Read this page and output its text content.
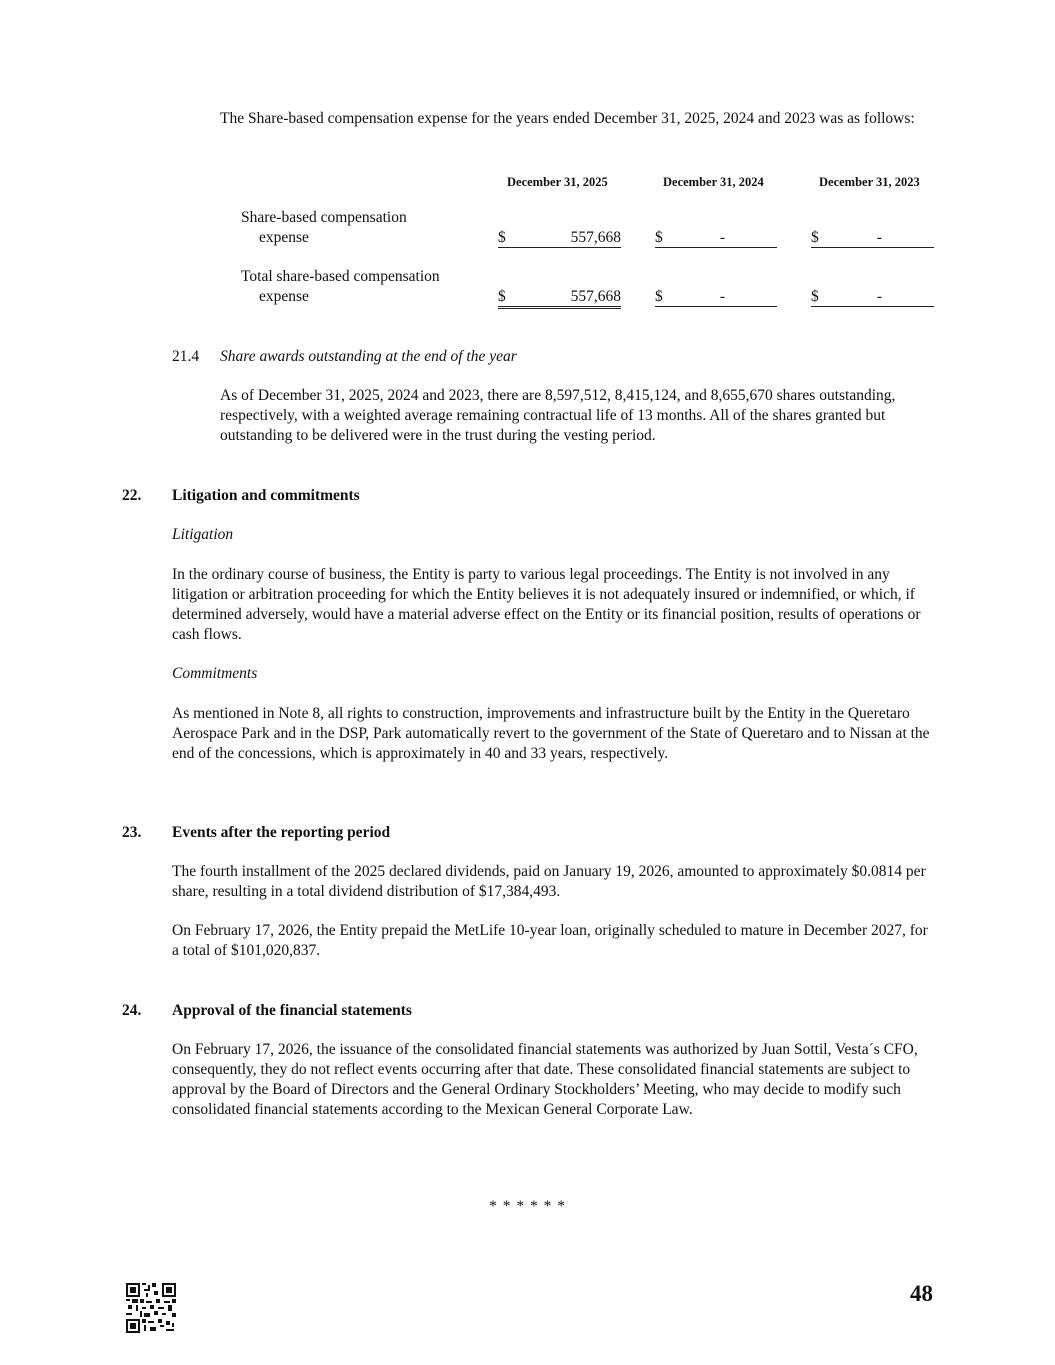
The Share-based compensation expense for the years ended December 31, 2025, 2024 and 2023 was as follows:

December 31, 2025	December 31, 2024	December 31, 2023
Share-based compensation
expense	$	557,668 $	-	$	-
Total share-based compensation
expense	$	557,668 $	-	$	-
21.4 Share awards outstanding at the end of the year

As of December 31, 2025, 2024 and 2023, there are 8,597,512, 8,415,124, and 8,655,670 shares outstanding, respectively, with a weighted average remaining contractual life of 13 months. All of the shares granted but outstanding to be delivered were in the trust during the vesting period.

22. Litigation and commitments
Litigation

In the ordinary course of business, the Entity is party to various legal proceedings. The Entity is not involved in any litigation or arbitration proceeding for which the Entity believes it is not adequately insured or indemnified, or which, if determined adversely, would have a material adverse effect on the Entity or its financial position, results of operations or cash flows.

Commitments

As mentioned in Note 8, all rights to construction, improvements and infrastructure built by the Entity in the Queretaro Aerospace Park and in the DSP, Park automatically revert to the government of the State of Queretaro and to Nissan at the end of the concessions, which is approximately in 40 and 33 years, respectively.

23. Events after the reporting period

The fourth installment of the 2025 declared dividends, paid on January 19, 2026, amounted to approximately $0.0814 per share, resulting in a total dividend distribution of $17,384,493.

On February 17, 2026, the Entity prepaid the MetLife 10-year loan, originally scheduled to mature in December 2027, for a total of $101,020,837.

24. Approval of the financial statements

On February 17, 2026, the issuance of the consolidated financial statements was authorized by Juan Sottil, Vesta´s CFO, consequently, they do not reflect events occurring after that date. These consolidated financial statements are subject to approval by the Board of Directors and the General Ordinary Stockholders’ Meeting, who may decide to modify such consolidated financial statements according to the Mexican General Corporate Law.

* * * * * *
48
